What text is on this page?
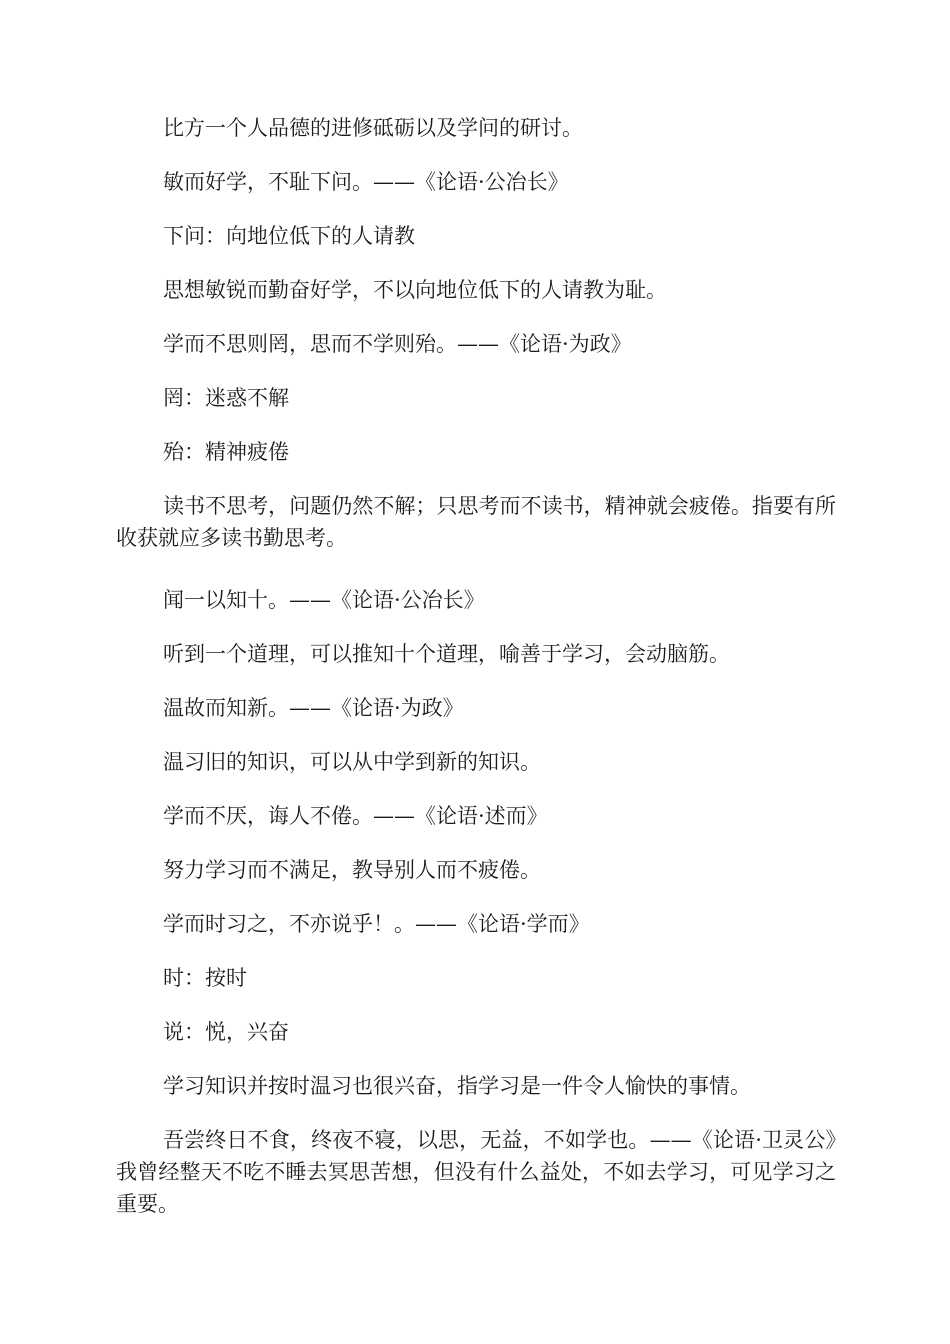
比方一个人品德的进修砥砺以及学问的研讨。

敏而好学，不耻下问。——《论语·公冶长》

下问：向地位低下的人请教

思想敏锐而勤奋好学，不以向地位低下的人请教为耻。

学而不思则罔，思而不学则殆。——《论语·为政》

罔：迷惑不解

殆：精神疲倦

读书不思考，问题仍然不解；只思考而不读书，精神就会疲倦。指要有所收获就应多读书勤思考。

闻一以知十。——《论语·公冶长》

听到一个道理，可以推知十个道理，喻善于学习，会动脑筋。

温故而知新。——《论语·为政》

温习旧的知识，可以从中学到新的知识。

学而不厌，诲人不倦。——《论语·述而》

努力学习而不满足，教导别人而不疲倦。

学而时习之，不亦说乎！。——《论语·学而》

时：按时

说：悦，兴奋

学习知识并按时温习也很兴奋，指学习是一件令人愉快的事情。

吾尝终日不食，终夜不寝，以思，无益，不如学也。——《论语·卫灵公》我曾经整天不吃不睡去冥思苦想，但没有什么益处，不如去学习，可见学习之重要。
